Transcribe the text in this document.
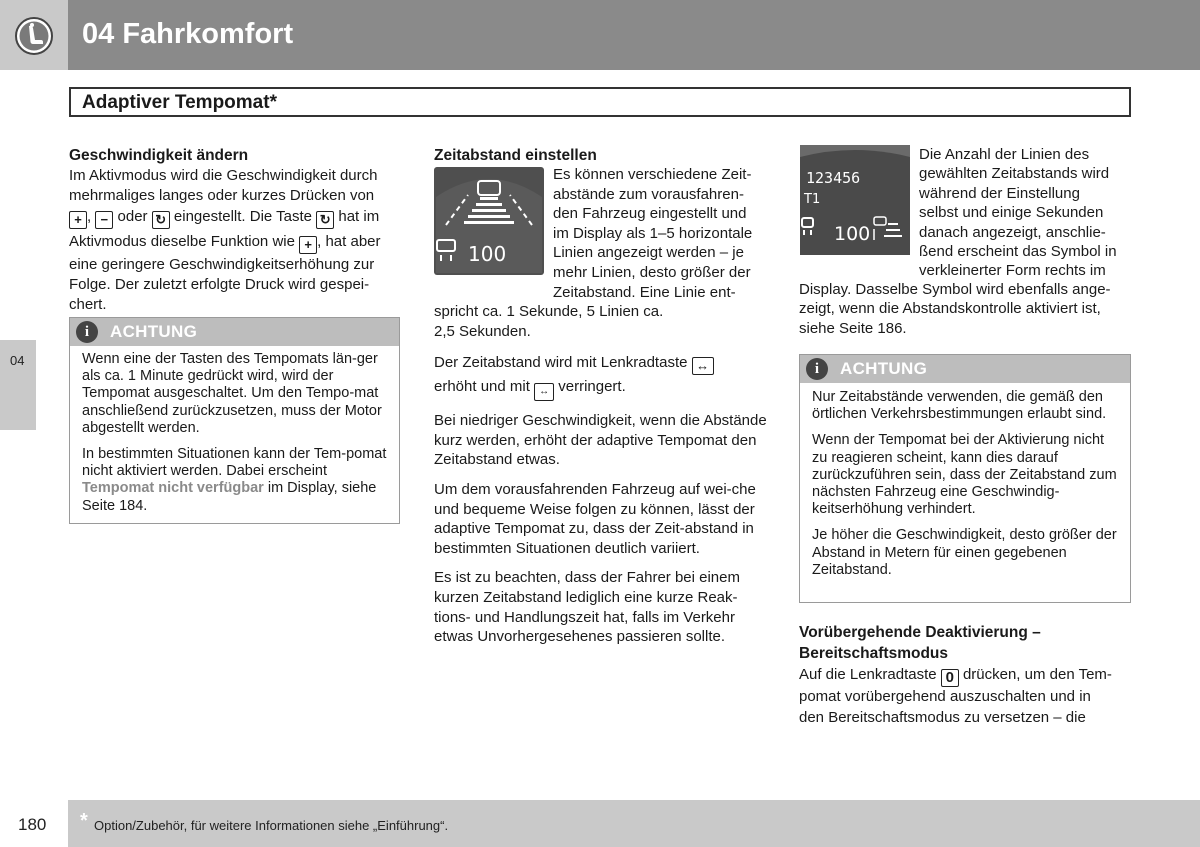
04 Fahrkomfort
Adaptiver Tempomat*
04
Geschwindigkeit ändern
Im Aktivmodus wird die Geschwindigkeit durch
mehrmaliges langes oder kurzes Drücken von
+ , − oder ↻ eingestellt. Die Taste ↻ hat im
Aktivmodus dieselbe Funktion wie + , hat aber
eine geringere Geschwindigkeitserhöhung zur
Folge. Der zuletzt erfolgte Druck wird gespei-
chert.
i	ACHTUNG

Wenn eine der Tasten des Tempomats län-ger als ca. 1 Minute gedrückt wird, wird der Tempomat ausgeschaltet. Um den Tempo-mat anschließend zurückzusetzen, muss der Motor abgestellt werden.

In bestimmten Situationen kann der Tem-pomat nicht aktiviert werden. Dabei erscheint Tempomat nicht verfügbar im Display, siehe Seite 184.

Zeitabstand einstellen
100
Es können verschiedene Zeit-
abstände zum vorausfahren-
den Fahrzeug eingestellt und
im Display als 1–5 horizontale
Linien angezeigt werden – je
mehr Linien, desto größer der
Zeitabstand. Eine Linie ent-
spricht ca. 1 Sekunde, 5 Linien ca.
2,5 Sekunden.

Der Zeitabstand wird mit Lenkradtaste ↔
erhöht und mit ↔ verringert.

Bei niedriger Geschwindigkeit, wenn die Abstände kurz werden, erhöht der adaptive Tempomat den Zeitabstand etwas.

Um dem vorausfahrenden Fahrzeug auf wei-che und bequeme Weise folgen zu können, lässt der adaptive Tempomat zu, dass der Zeit-abstand in bestimmten Situationen deutlich variiert.

Es ist zu beachten, dass der Fahrer bei einem kurzen Zeitabstand lediglich eine kurze Reak-tions- und Handlungszeit hat, falls im Verkehr etwas Unvorhergesehenes passieren sollte.

123456
T1
100
Die Anzahl der Linien des
gewählten Zeitabstands wird
während der Einstellung
selbst und einige Sekunden
danach angezeigt, anschlie-
ßend erscheint das Symbol in
verkleinerter Form rechts im

Display. Dasselbe Symbol wird ebenfalls ange-zeigt, wenn die Abstandskontrolle aktiviert ist, siehe Seite 186.

i	ACHTUNG

Nur Zeitabstände verwenden, die gemäß den örtlichen Verkehrsbestimmungen erlaubt sind.

Wenn der Tempomat bei der Aktivierung nicht zu reagieren scheint, kann dies darauf zurückzuführen sein, dass der Zeitabstand zum nächsten Fahrzeug eine Geschwindig-keitserhöhung verhindert.

Je höher die Geschwindigkeit, desto größer der Abstand in Metern für einen gegebenen Zeitabstand.

Vorübergehende Deaktivierung –
Bereitschaftsmodus
Auf die Lenkradtaste 0 drücken, um den Tem-
pomat vorübergehend auszuschalten und in
den Bereitschaftsmodus zu versetzen – die
* Option/Zubehör, für weitere Informationen siehe „Einführung“.
180
